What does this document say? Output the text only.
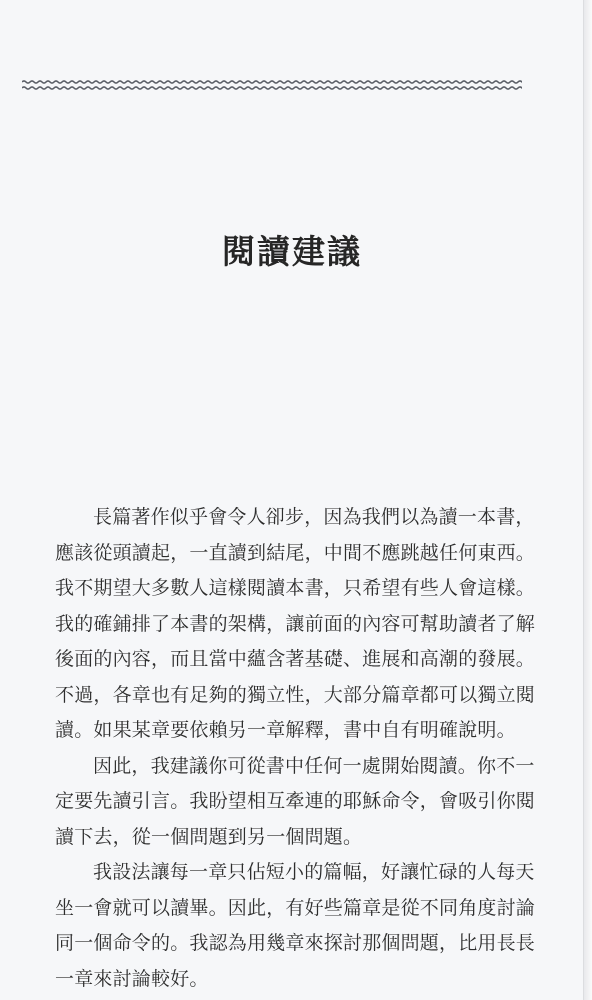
閱讀建議

長篇著作似乎會令人卻步，因為我們以為讀一本書，應該從頭讀起，一直讀到結尾，中間不應跳越任何東西。我不期望大多數人這樣閱讀本書，只希望有些人會這樣。我的確鋪排了本書的架構，讓前面的內容可幫助讀者了解後面的內容，而且當中蘊含著基礎、進展和高潮的發展。不過，各章也有足夠的獨立性，大部分篇章都可以獨立閱讀。如果某章要依賴另一章解釋，書中自有明確說明。

因此，我建議你可從書中任何一處開始閱讀。你不一定要先讀引言。我盼望相互牽連的耶穌命令，會吸引你閱讀下去，從一個問題到另一個問題。

我設法讓每一章只佔短小的篇幅，好讓忙碌的人每天坐一會就可以讀畢。因此，有好些篇章是從不同角度討論同一個命令的。我認為用幾章來探討那個問題，比用長長一章來討論較好。
